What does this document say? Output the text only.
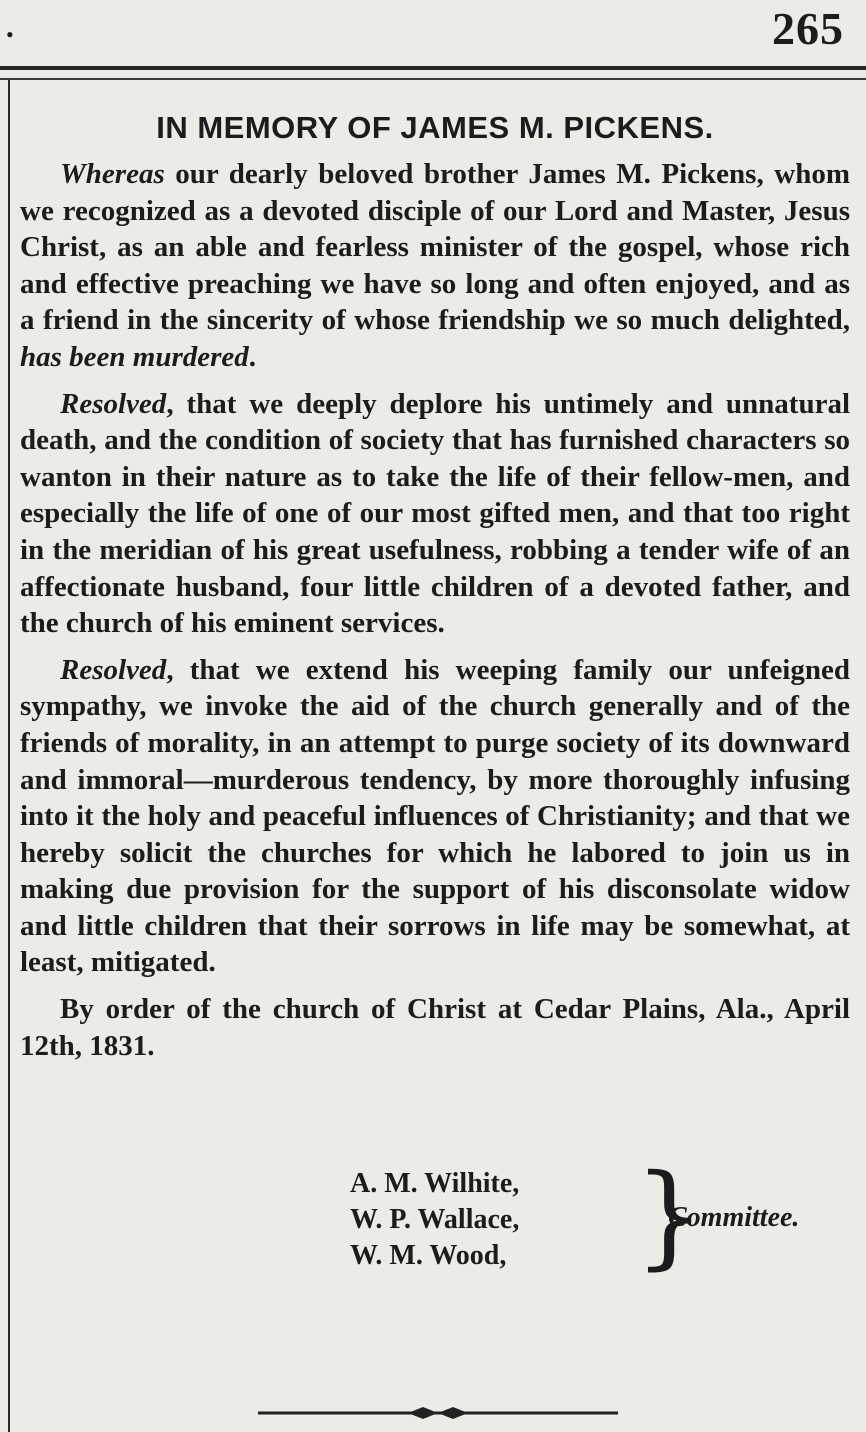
265
•
IN MEMORY OF JAMES M. PICKENS.

Whereas our dearly beloved brother James M. Pickens, whom we recognized as a devoted disciple of our Lord and Master, Jesus Christ, as an able and fearless minister of the gospel, whose rich and effective preaching we have so long and often enjoyed, and as a friend in the sincerity of whose friendship we so much delighted, has been murdered.

Resolved, that we deeply deplore his untimely and unnatural death, and the condition of society that has furnished characters so wanton in their nature as to take the life of their fellow-men, and especially the life of one of our most gifted men, and that too right in the meridian of his great usefulness, robbing a tender wife of an affectionate husband, four little children of a devoted father, and the church of his eminent services.

Resolved, that we extend his weeping family our unfeigned sympathy, we invoke the aid of the church generally and of the friends of morality, in an attempt to purge society of its downward and immoral—murderous tendency, by more thoroughly infusing into it the holy and peaceful influences of Christianity; and that we hereby solicit the churches for which he labored to join us in making due provision for the support of his disconsolate widow and little children that their sorrows in life may be somewhat, at least, mitigated.

By order of the church of Christ at Cedar Plains, Ala., April 12th, 1831.

A. M. Wilhite,
W. P. Wallace,
W. M. Wood, }
Committee.
